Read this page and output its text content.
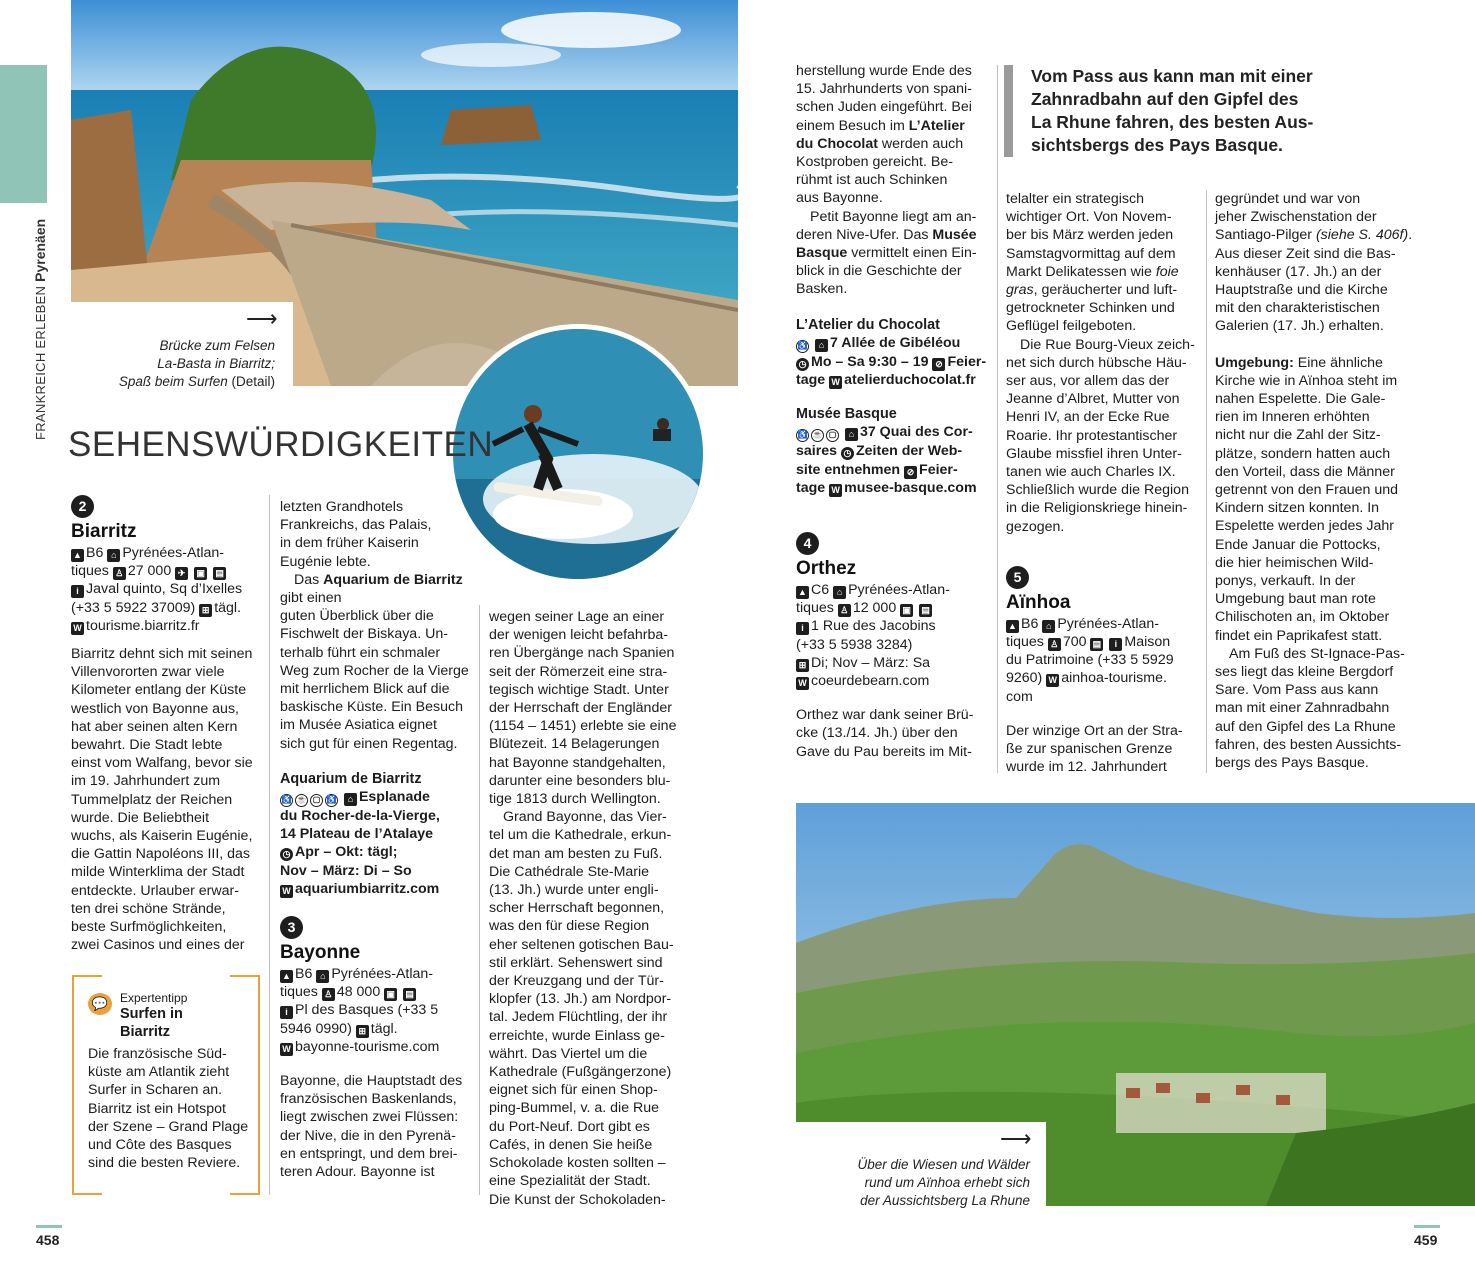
FRANKREICH ERLEBEN Pyrenäen
⟶
Brücke zum Felsen
La-Basta in Biarritz;
Spaß beim Surfen (Detail)
SEHENSWÜRDIGKEITEN
2
Biarritz
▲ B6 ⌂ Pyrénées-Atlan-
tiques ♙ 27 000 ✈ ▣ ▤
i Javal quinto, Sq d’Ixelles
(+33 5 5922 37009) ⊞ tägl.
W tourisme.biarritz.fr
Biarritz dehnt sich mit seinen
Villenvororten zwar viele
Kilometer entlang der Küste
westlich von Bayonne aus,
hat aber seinen alten Kern
bewahrt. Die Stadt lebte
einst vom Walfang, bevor sie
im 19. Jahrhundert zum
Tummelplatz der Reichen
wurde. Die Beliebtheit
wuchs, als Kaiserin Eugénie,
die Gattin Napoléons III, das
milde Winterklima der Stadt
entdeckte. Urlauber erwar-
ten drei schöne Strände,
beste Surfmöglichkeiten,
zwei Casinos und eines der
💬 Expertentipp
Surfen in
Biarritz
Die französische Süd-
küste am Atlantik zieht
Surfer in Scharen an.
Biarritz ist ein Hotspot
der Szene – Grand Plage
und Côte des Basques
sind die besten Reviere.
letzten Grandhotels
Frankreichs, das Palais,
in dem früher Kaiserin
Eugénie lebte.

Das Aquarium de Biarritz

gibt einen
guten Überblick über die
Fischwelt der Biskaya. Un-
terhalb führt ein schmaler
Weg zum Rocher de la Vierge
mit herrlichem Blick auf die
baskische Küste. Ein Besuch
im Musée Asiatica eignet
sich gut für einen Regentag.
Aquarium de Biarritz
♿ ☕ ▢ ♿ ⌂ Esplanade
du Rocher-de-la-Vierge,
14 Plateau de l’Atalaye
◷ Apr – Okt: tägl;
Nov – März: Di – So
W aquariumbiarritz.com
3
Bayonne
▲ B6 ⌂ Pyrénées-Atlan-
tiques ♙ 48 000 ▣ ▤
i Pl des Basques (+33 5
5946 0990) ⊞ tägl.
W bayonne-tourisme.com
Bayonne, die Hauptstadt des
französischen Baskenlands,
liegt zwischen zwei Flüssen:
der Nive, die in den Pyrenä-
en entspringt, und dem brei-
teren Adour. Bayonne ist
wegen seiner Lage an einer
der wenigen leicht befahrba-
ren Übergänge nach Spanien
seit der Römerzeit eine stra-
tegisch wichtige Stadt. Unter
der Herrschaft der Engländer
(1154 – 1451) erlebte sie eine
Blütezeit. 14 Belagerungen
hat Bayonne standgehalten,
darunter eine besonders blu-
tige 1813 durch Wellington.
Grand Bayonne, das Vier-
tel um die Kathedrale, erkun-
det man am besten zu Fuß.
Die Cathédrale Ste-Marie
(13. Jh.) wurde unter engli-
scher Herrschaft begonnen,
was den für diese Region
eher seltenen gotischen Bau-
stil erklärt. Sehenswert sind
der Kreuzgang und der Tür-
klopfer (13. Jh.) am Nordpor-
tal. Jedem Flüchtling, der ihr
erreichte, wurde Einlass ge-
währt. Das Viertel um die
Kathedrale (Fußgängerzone)
eignet sich für einen Shop-
ping-Bummel, v. a. die Rue
du Port-Neuf. Dort gibt es
Cafés, in denen Sie heiße
Schokolade kosten sollten –
eine Spezialität der Stadt.
Die Kunst der Schokoladen-
herstellung wurde Ende des
15. Jahrhunderts von spani-
schen Juden eingeführt. Bei
einem Besuch im L’Atelier
du Chocolat werden auch
Kostproben gereicht. Be-
rühmt ist auch Schinken
aus Bayonne.

Petit Bayonne liegt am an-

deren Nive-Ufer. Das Musée
Basque vermittelt einen Ein-
blick in die Geschichte der
Basken.
L’Atelier du Chocolat
♿ ⌂ 7 Allée de Gibéléou
◷ Mo – Sa 9:30 – 19 ⊘ Feier-
tage W atelierduchocolat.fr
Musée Basque
♿ ☕ ▢ ⌂ 37 Quai des Cor-
saires ◷ Zeiten der Web-
site entnehmen ⊘ Feier-
tage W musee-basque.com
4
Orthez
▲ C6 ⌂ Pyrénées-Atlan-
tiques ♙ 12 000 ▣ ▤
i 1 Rue des Jacobins
(+33 5 5938 3284)
⊞ Di; Nov – März: Sa
W coeurdebearn.com
Orthez war dank seiner Brü-
cke (13./14. Jh.) über den
Gave du Pau bereits im Mit-
Vom Pass aus kann man mit einer
Zahnradbahn auf den Gipfel des
La Rhune fahren, des besten Aus-
sichtsbergs des Pays Basque.
telalter ein strategisch
wichtiger Ort. Von Novem-
ber bis März werden jeden
Samstagvormittag auf dem
Markt Delikatessen wie foie
gras, geräucherter und luft-
getrockneter Schinken und
Geflügel feilgeboten.
Die Rue Bourg-Vieux zeich-
net sich durch hübsche Häu-
ser aus, vor allem das der
Jeanne d’Albret, Mutter von
Henri IV, an der Ecke Rue
Roarie. Ihr protestantischer
Glaube missfiel ihren Unter-
tanen wie auch Charles IX.
Schließlich wurde die Region
in die Religionskriege hinein-
gezogen.
5
Aïnhoa
▲ B6 ⌂ Pyrénées-Atlan-
tiques ♙ 700 ▤ i Maison
du Patrimoine (+33 5 5929
9260) W ainhoa-tourisme.
com
Der winzige Ort an der Stra-
ße zur spanischen Grenze
wurde im 12. Jahrhundert
gegründet und war von
jeher Zwischenstation der
Santiago-Pilger (siehe S. 406f).
Aus dieser Zeit sind die Bas-
kenhäuser (17. Jh.) an der
Hauptstraße und die Kirche
mit den charakteristischen
Galerien (17. Jh.) erhalten.
Umgebung: Eine ähnliche
Kirche wie in Aïnhoa steht im
nahen Espelette. Die Gale-
rien im Inneren erhöhten
nicht nur die Zahl der Sitz-
plätze, sondern hatten auch
den Vorteil, dass die Männer
getrennt von den Frauen und
Kindern sitzen konnten. In
Espelette werden jedes Jahr
Ende Januar die Pottocks,
die hier heimischen Wild-
ponys, verkauft. In der
Umgebung baut man rote
Chilischoten an, im Oktober
findet ein Paprikafest statt.
Am Fuß des St-Ignace-Pas-
ses liegt das kleine Bergdorf
Sare. Vom Pass aus kann
man mit einer Zahnradbahn
auf den Gipfel des La Rhune
fahren, des besten Aussichts-
bergs des Pays Basque.
⟶
Über die Wiesen und Wälder
rund um Aïnhoa erhebt sich
der Aussichtsberg La Rhune
458	459
